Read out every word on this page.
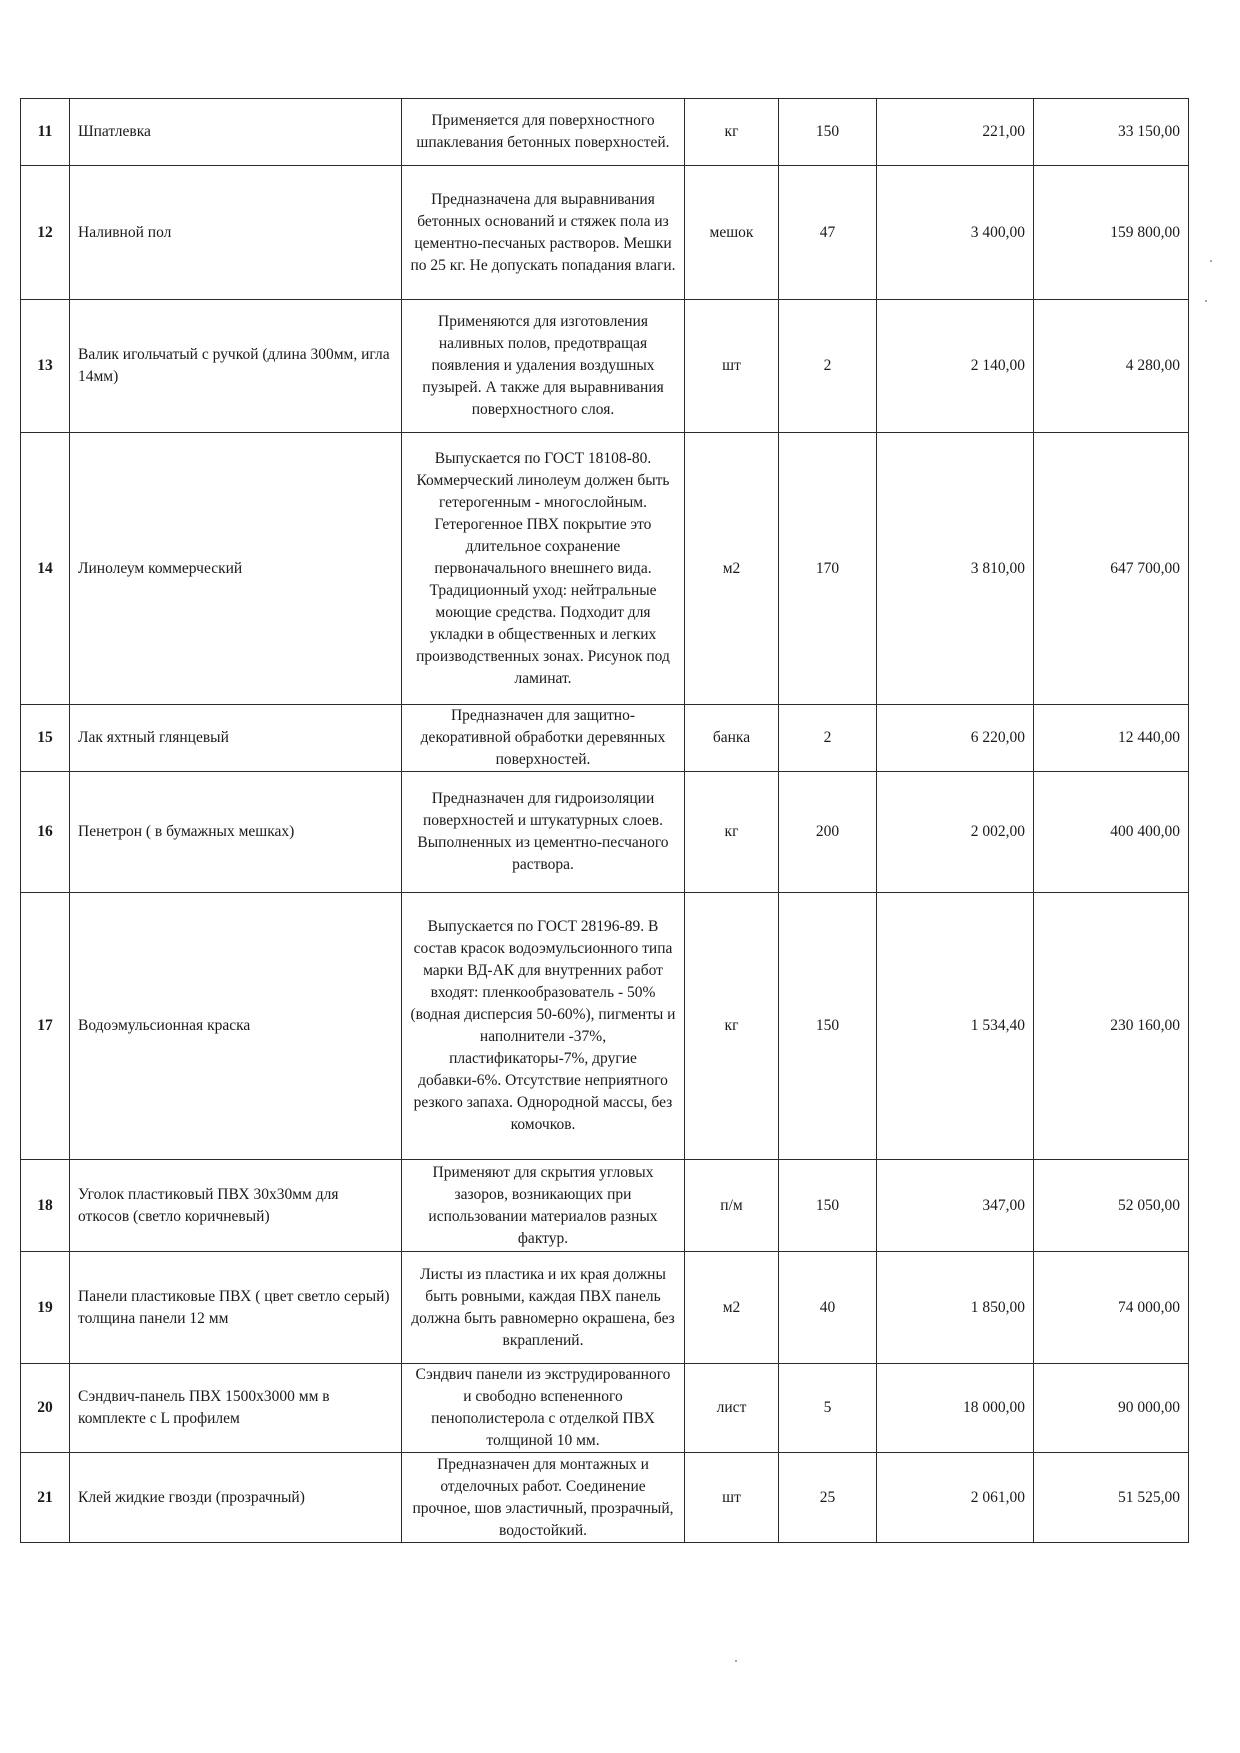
11	Шпатлевка	Применяется для поверхностного шпаклевания бетонных поверхностей.	кг	150	221,00	33 150,00
12	Наливной пол	Предназначена для выравнивания бетонных оснований и стяжек пола из цементно-песчаных растворов. Мешки по 25 кг. Не допускать попадания влаги.	мешок	47	3 400,00	159 800,00
13	Валик игольчатый с ручкой (длина 300мм, игла 14мм)	Применяются для изготовления наливных полов, предотвращая появления и удаления воздушных пузырей. А также для выравнивания поверхностного слоя.	шт	2	2 140,00	4 280,00
14	Линолеум коммерческий	Выпускается по ГОСТ 18108-80. Коммерческий линолеум должен быть гетерогенным - многослойным. Гетерогенное ПВХ покрытие это длительное сохранение первоначального внешнего вида. Традиционный уход: нейтральные моющие средства. Подходит для укладки в общественных и легких производственных зонах. Рисунок под ламинат.	м2	170	3 810,00	647 700,00
15	Лак яхтный глянцевый	Предназначен для защитно-декоративной обработки деревянных поверхностей.	банка	2	6 220,00	12 440,00
16	Пенетрон ( в бумажных мешках)	Предназначен для гидроизоляции поверхностей и штукатурных слоев. Выполненных из цементно-песчаного раствора.	кг	200	2 002,00	400 400,00
17	Водоэмульсионная краска	Выпускается по ГОСТ 28196-89. В состав красок водоэмульсионного типа марки ВД-АК для внутренних работ входят: пленкообразователь - 50%(водная дисперсия 50-60%), пигменты и наполнители -37%, пластификаторы-7%, другие добавки-6%. Отсутствие неприятного резкого запаха. Однородной массы, без комочков.	кг	150	1 534,40	230 160,00
18	Уголок пластиковый ПВХ 30х30мм для откосов (светло коричневый)	Применяют для скрытия угловых зазоров, возникающих при использовании материалов разных фактур.	п/м	150	347,00	52 050,00
19	Панели пластиковые ПВХ ( цвет светло серый) толщина панели 12 мм	Листы из пластика и их края должны быть ровными, каждая ПВХ панель должна быть равномерно окрашена, без вкраплений.	м2	40	1 850,00	74 000,00
20	Сэндвич-панель ПВХ 1500х3000 мм в комплекте с L профилем	Сэндвич панели из экструдированного и свободно вспененного пенополистерола с отделкой ПВХ толщиной 10 мм.	лист	5	18 000,00	90 000,00
21	Клей жидкие гвозди (прозрачный)	Предназначен для монтажных и отделочных работ. Соединение прочное, шов эластичный, прозрачный, водостойкий.	шт	25	2 061,00	51 525,00
